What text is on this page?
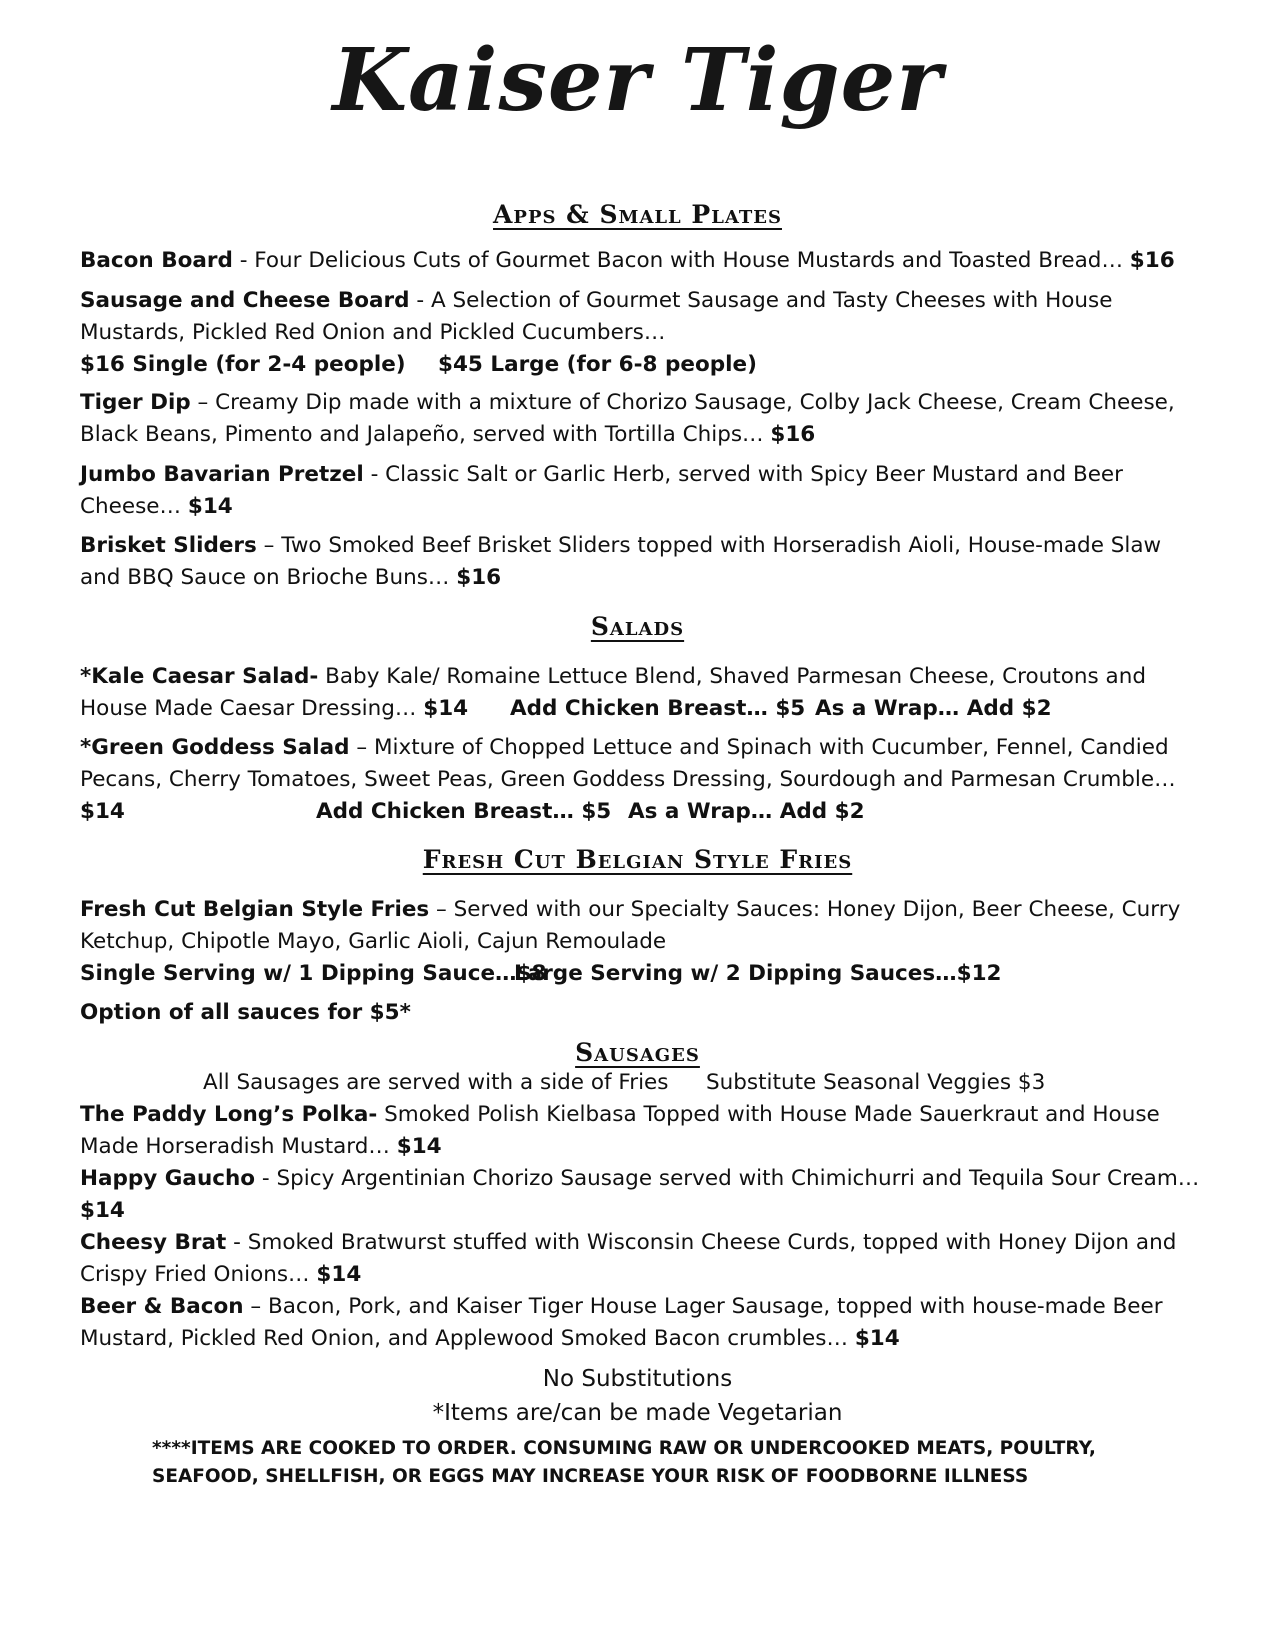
Kaiser Tiger
Apps & Small Plates
Bacon Board - Four Delicious Cuts of Gourmet Bacon with House Mustards and Toasted Bread… $16
Sausage and Cheese Board - A Selection of Gourmet Sausage and Tasty Cheeses with House
Mustards, Pickled Red Onion and Pickled Cucumbers…
$16 Single (for 2-4 people) $45 Large (for 6-8 people)
Tiger Dip – Creamy Dip made with a mixture of Chorizo Sausage, Colby Jack Cheese, Cream Cheese,
Black Beans, Pimento and Jalapeño, served with Tortilla Chips… $16
Jumbo Bavarian Pretzel - Classic Salt or Garlic Herb, served with Spicy Beer Mustard and Beer
Cheese… $14
Brisket Sliders – Two Smoked Beef Brisket Sliders topped with Horseradish Aioli, House-made Slaw
and BBQ Sauce on Brioche Buns… $16
Salads
*Kale Caesar Salad- Baby Kale/ Romaine Lettuce Blend, Shaved Parmesan Cheese, Croutons and
House Made Caesar Dressing… $14	Add Chicken Breast… $5 As a Wrap… Add $2
*Green Goddess Salad – Mixture of Chopped Lettuce and Spinach with Cucumber, Fennel, Candied
Pecans, Cherry Tomatoes, Sweet Peas, Green Goddess Dressing, Sourdough and Parmesan Crumble…
$14	Add Chicken Breast… $5 As a Wrap… Add $2
Fresh Cut Belgian Style Fries
Fresh Cut Belgian Style Fries – Served with our Specialty Sauces: Honey Dijon, Beer Cheese, Curry
Ketchup, Chipotle Mayo, Garlic Aioli, Cajun Remoulade
Single Serving w/ 1 Dipping Sauce…$8
Large Serving w/ 2 Dipping Sauces…$12
Option of all sauces for $5*
Sausages
All Sausages are served with a side of Fries Substitute Seasonal Veggies $3
The Paddy Long’s Polka- Smoked Polish Kielbasa Topped with House Made Sauerkraut and House
Made Horseradish Mustard… $14
Happy Gaucho - Spicy Argentinian Chorizo Sausage served with Chimichurri and Tequila Sour Cream…
$14
Cheesy Brat - Smoked Bratwurst stuffed with Wisconsin Cheese Curds, topped with Honey Dijon and
Crispy Fried Onions… $14
Beer & Bacon – Bacon, Pork, and Kaiser Tiger House Lager Sausage, topped with house-made Beer
Mustard, Pickled Red Onion, and Applewood Smoked Bacon crumbles… $14
No Substitutions
*Items are/can be made Vegetarian
****ITEMS ARE COOKED TO ORDER. CONSUMING RAW OR UNDERCOOKED MEATS, POULTRY,
SEAFOOD, SHELLFISH, OR EGGS MAY INCREASE YOUR RISK OF FOODBORNE ILLNESS
